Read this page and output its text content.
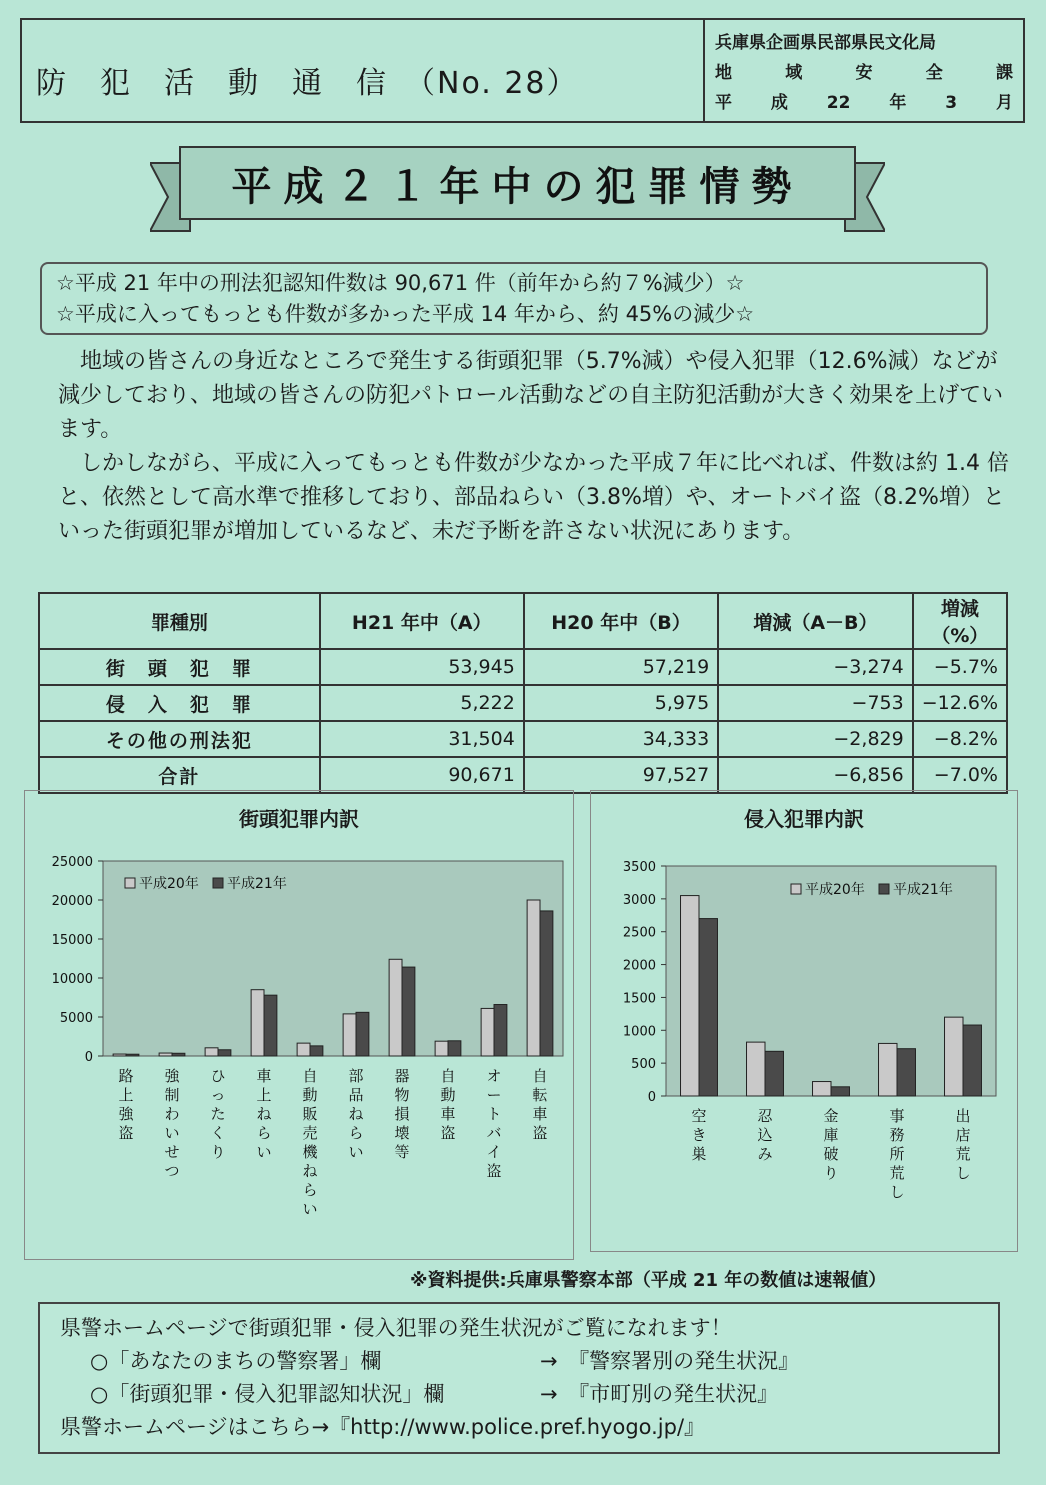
防　犯　活　動　通　信　（No. 28）
兵庫県企画県民部県民文化局
地	域	安	全	課
平 成 22 年 3 月
平成２１年中の犯罪情勢
☆平成 21 年中の刑法犯認知件数は 90,671 件（前年から約７%減少）☆
☆平成に入ってもっとも件数が多かった平成 14 年から、約 45%の減少☆

地域の皆さんの身近なところで発生する街頭犯罪（5.7%減）や侵入犯罪（12.6%減）などが減少しており、地域の皆さんの防犯パトロール活動などの自主防犯活動が大きく効果を上げています。

しかしながら、平成に入ってもっとも件数が少なかった平成７年に比べれば、件数は約 1.4 倍と、依然として高水準で推移しており、部品ねらい（3.8%増）や、オートバイ盗（8.2%増）といった街頭犯罪が増加しているなど、未だ予断を許さない状況にあります。

罪種別	H21 年中（A）	H20 年中（B）	増減（A－B）	増減（%）
街　頭　犯　罪	53,945	57,219	−3,274	−5.7%
侵　入　犯　罪	5,222	5,975	−753	−12.6%
その他の刑法犯	31,504	34,333	−2,829	−8.2%
合計	90,671	97,527	−6,856	−7.0%
街頭犯罪内訳
0
5000
10000
15000
20000
25000
路
上
強
盗
強
制
わ
い
せ
つ
ひ
っ
た
く
り
車
上
ね
ら
い
自
動
販
売
機
ね
ら
い
部
品
ね
ら
い
器
物
損
壊
等
自
動
車
盗
オ
ー
ト
バ
イ
盗
自
転
車
盗
平成20年 平成21年
侵入犯罪内訳
0
500
1000
1500
2000
2500
3000
3500
空
き
巣
忍
込
み
金
庫
破
り
事
務
所
荒
し
出
店
荒
し
平成20年 平成21年
※資料提供:兵庫県警察本部（平成 21 年の数値は速報値）
県警ホームページで街頭犯罪・侵入犯罪の発生状況がご覧になれます！
○「あなたのまちの警察署」欄	→　『警察署別の発生状況』
○「街頭犯罪・侵入犯罪認知状況」欄	→　『市町別の発生状況』
県警ホームページはこちら→『http://www.police.pref.hyogo.jp/』
